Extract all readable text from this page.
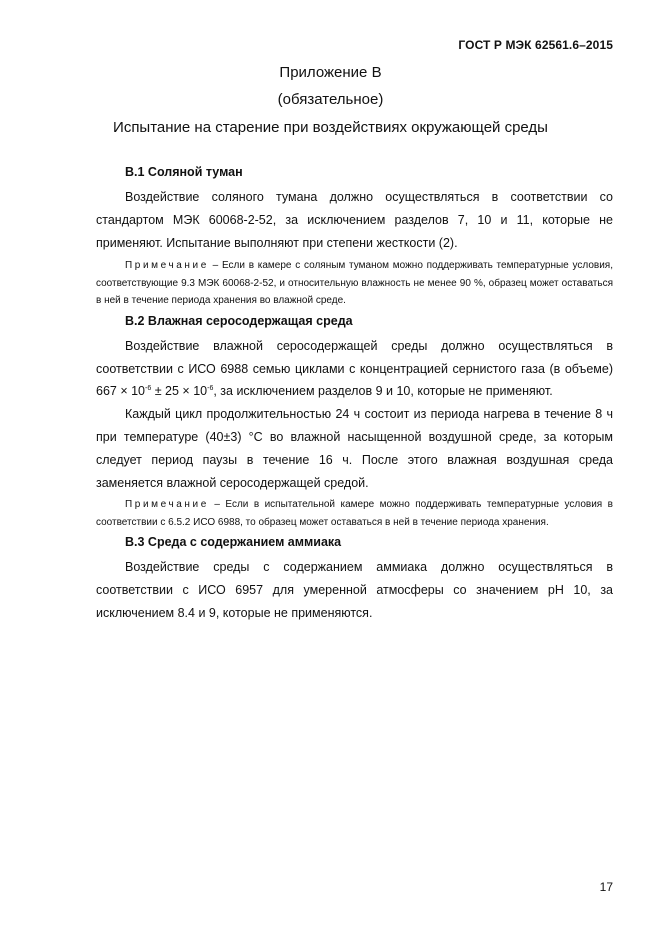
ГОСТ Р МЭК 62561.6–2015
Приложение В
(обязательное)
Испытание на старение при воздействиях окружающей среды
В.1 Соляной туман

Воздействие соляного тумана должно осуществляться в соответствии со стандартом МЭК 60068-2-52, за исключением разделов 7, 10 и 11, которые не применяют. Испытание выполняют при степени жесткости (2).

Примечание – Если в камере с соляным туманом можно поддерживать температурные условия, соответствующие 9.3 МЭК 60068-2-52, и относительную влажность не менее 90 %, образец может оставаться в ней в течение периода хранения во влажной среде.

В.2 Влажная серосодержащая среда

Воздействие влажной серосодержащей среды должно осуществляться в соответствии с ИСО 6988 семью циклами с концентрацией сернистого газа (в объеме) $667 \times 10^{-6} \pm 25 \times 10^{-6}$, за исключением разделов 9 и 10, которые не применяют.

Каждый цикл продолжительностью 24 ч состоит из периода нагрева в течение 8 ч при температуре (40±3) °С во влажной насыщенной воздушной среде, за которым следует период паузы в течение 16 ч. После этого влажная воздушная среда заменяется влажной серосодержащей средой.

Примечание – Если в испытательной камере можно поддерживать температурные условия в соответствии с 6.5.2 ИСО 6988, то образец может оставаться в ней в течение периода хранения.

В.3 Среда с содержанием аммиака

Воздействие среды с содержанием аммиака должно осуществляться в соответствии с ИСО 6957 для умеренной атмосферы со значением рН 10, за исключением 8.4 и 9, которые не применяются.

17
